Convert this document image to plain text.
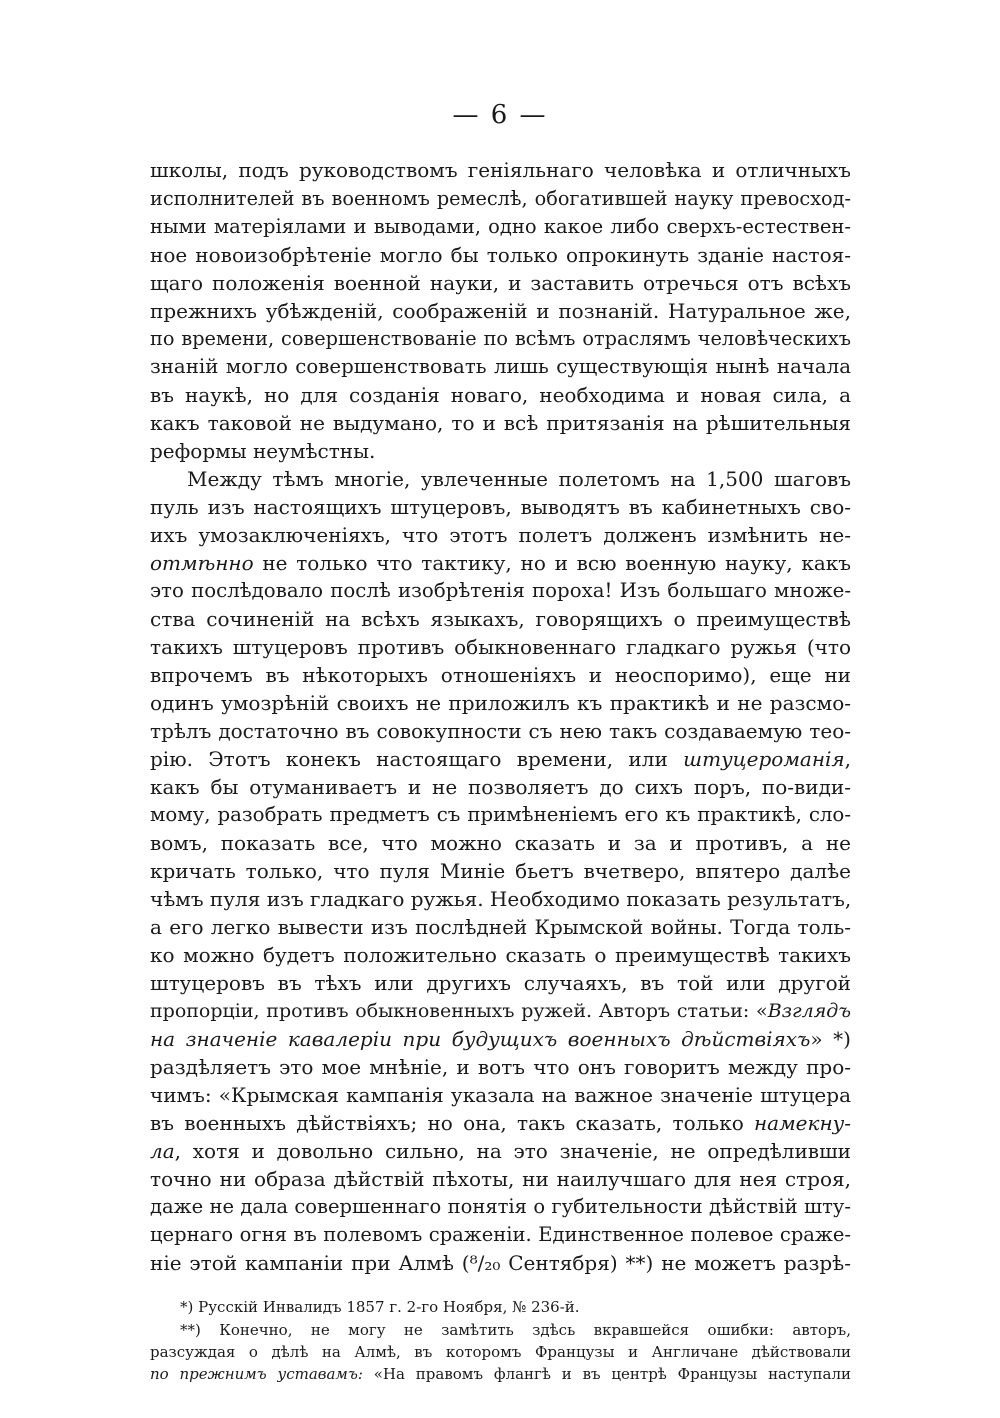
— 6 —
школы, подъ руководствомъ геніяльнаго человѣка и отличныхъ
исполнителей въ военномъ ремеслѣ, обогатившей науку превосход-
ными матеріялами и выводами, одно какое либо сверхъ-естествен-
ное новоизобрѣтеніе могло бы только опрокинуть зданіе настоя-
щаго положенія военной науки, и заставить отречься отъ всѣхъ
прежнихъ убѣжденій, соображеній и познаній. Натуральное же,
по времени, совершенствованіе по всѣмъ отраслямъ человѣческихъ
знаній могло совершенствовать лишь существующія нынѣ начала
въ наукѣ, но для созданія новаго, необходима и новая сила, а
какъ таковой не выдумано, то и всѣ притязанія на рѣшительныя
реформы неумѣстны.
Между тѣмъ многіе, увлеченные полетомъ на 1,500 шаговъ
пуль изъ настоящихъ штуцеровъ, выводятъ въ кабинетныхъ сво-
ихъ умозаключеніяхъ, что этотъ полетъ долженъ измѣнить не-
отмѣнно не только что тактику, но и всю военную науку, какъ
это послѣдовало послѣ изобрѣтенія пороха! Изъ большаго множе-
ства сочиненій на всѣхъ языкахъ, говорящихъ о преимуществѣ
такихъ штуцеровъ противъ обыкновеннаго гладкаго ружья (что
впрочемъ въ нѣкоторыхъ отношеніяхъ и неоспоримо), еще ни
одинъ умозрѣній своихъ не приложилъ къ практикѣ и не разсмо-
трѣлъ достаточно въ совокупности съ нею такъ создаваемую тео-
рію. Этотъ конекъ настоящаго времени, или штуцероманія,
какъ бы отуманиваетъ и не позволяетъ до сихъ поръ, по-види-
мому, разобрать предметъ съ примѣненіемъ его къ практикѣ, сло-
вомъ, показать все, что можно сказать и за и противъ, а не
кричать только, что пуля Миніе бьетъ вчетверо, впятеро далѣе
чѣмъ пуля изъ гладкаго ружья. Необходимо показать результатъ,
а его легко вывести изъ послѣдней Крымской войны. Тогда толь-
ко можно будетъ положительно сказать о преимуществѣ такихъ
штуцеровъ въ тѣхъ или другихъ случаяхъ, въ той или другой
пропорціи, противъ обыкновенныхъ ружей. Авторъ статьи: «Взглядъ
на значеніе кавалеріи при будущихъ военныхъ дѣйствіяхъ» *)
раздѣляетъ это мое мнѣніе, и вотъ что онъ говоритъ между про-
чимъ: «Крымская кампанія указала на важное значеніе штуцера
въ военныхъ дѣйствіяхъ; но она, такъ сказать, только намекну-
ла, хотя и довольно сильно, на это значеніе, не опредѣливши
точно ни образа дѣйствій пѣхоты, ни наилучшаго для нея строя,
даже не дала совершеннаго понятія о губительности дѣйствій шту-
цернаго огня въ полевомъ сраженіи. Единственное полевое сраже-
ніе этой кампаніи при Алмѣ (⁸/₂₀ Сентября) **) не можетъ разрѣ-
*) Русскій Инвалидъ 1857 г. 2-го Ноября, № 236-й.
**) Конечно, не могу не замѣтить здѣсь вкравшейся ошибки: авторъ,
разсуждая о дѣлѣ на Алмѣ, въ которомъ Французы и Англичане дѣйствовали
по прежнимъ уставамъ: «На правомъ флангѣ и въ центрѣ Французы наступали
